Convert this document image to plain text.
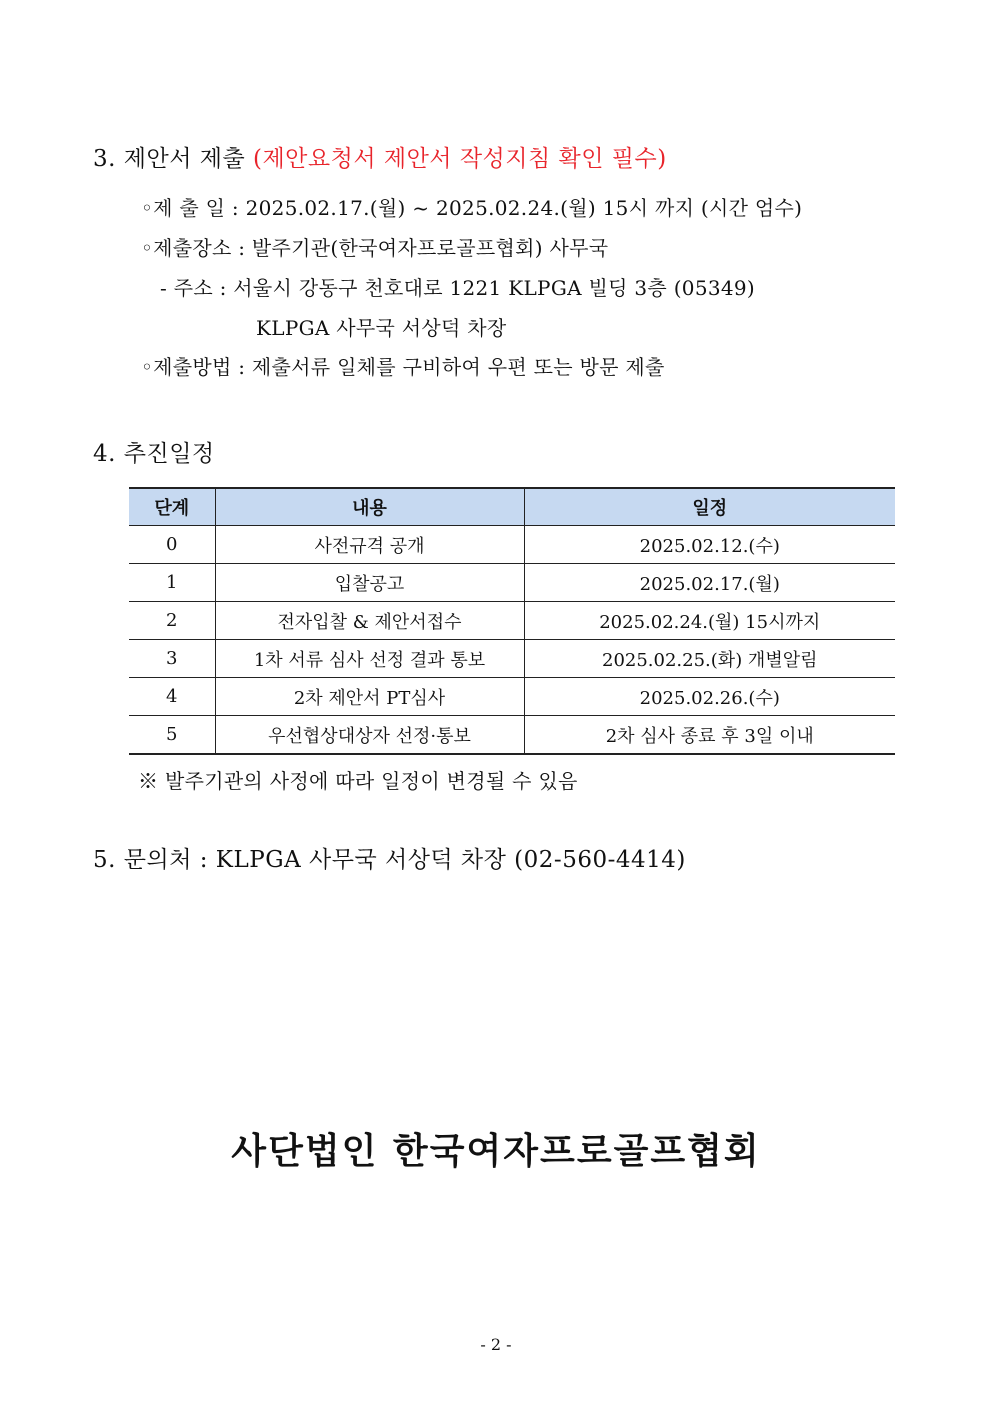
3. 제안서 제출 (제안요청서 제안서 작성지침 확인 필수)
◦제 출 일 : 2025.02.17.(월) ~ 2025.02.24.(월) 15시 까지 (시간 엄수)
◦제출장소 : 발주기관(한국여자프로골프협회) 사무국
- 주소 : 서울시 강동구 천호대로 1221 KLPGA 빌딩 3층 (05349)
KLPGA 사무국 서상덕 차장
◦제출방법 : 제출서류 일체를 구비하여 우편 또는 방문 제출
4. 추진일정
단계	내용	일정
0	사전규격 공개	2025.02.12.(수)
1	입찰공고	2025.02.17.(월)
2	전자입찰 & 제안서접수	2025.02.24.(월) 15시까지
3	1차 서류 심사 선정 결과 통보	2025.02.25.(화) 개별알림
4	2차 제안서 PT심사	2025.02.26.(수)
5	우선협상대상자 선정·통보	2차 심사 종료 후 3일 이내
※ 발주기관의 사정에 따라 일정이 변경될 수 있음
5. 문의처 : KLPGA 사무국 서상덕 차장 (02-560-4414)
사단법인 한국여자프로골프협회
- 2 -
